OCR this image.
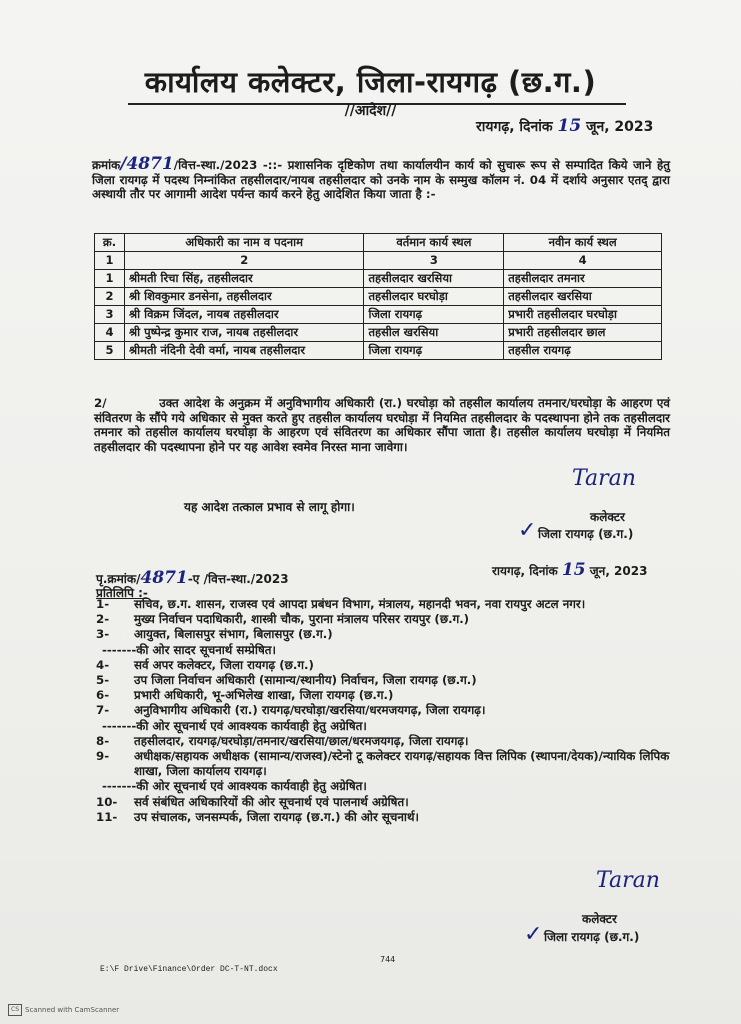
कार्यालय कलेक्टर, जिला-रायगढ़ (छ.ग.)
//आदेश//
रायगढ़, दिनांक 15 जून, 2023
क्रमांक/4871/वित्त-स्था./2023 -::- प्रशासनिक दृष्टिकोण तथा कार्यालयीन कार्य को सुचारू रूप से सम्पादित किये जाने हेतु जिला रायगढ़ में पदस्थ निम्नांकित तहसीलदार/नायब तहसीलदार को उनके नाम के सम्मुख कॉलम नं. 04 में दर्शाये अनुसार एतद् द्वारा अस्थायी तौर पर आगामी आदेश पर्यन्त कार्य करने हेतु आदेशित किया जाता है :-
क्र.	अधिकारी का नाम व पदनाम	वर्तमान कार्य स्थल	नवीन कार्य स्थल
1	2	3	4
1	श्रीमती रिचा सिंह, तहसीलदार	तहसीलदार खरसिया	तहसीलदार तमनार
2	श्री शिवकुमार डनसेना, तहसीलदार	तहसीलदार घरघोड़ा	तहसीलदार खरसिया
3	श्री विक्रम जिंदल, नायब तहसीलदार	जिला रायगढ़	प्रभारी तहसीलदार घरघोड़ा
4	श्री पुष्पेन्द्र कुमार राज, नायब तहसीलदार	तहसील खरसिया	प्रभारी तहसीलदार छाल
5	श्रीमती नंदिनी देवी वर्मा, नायब तहसीलदार	जिला रायगढ़	तहसील रायगढ़
2/	उक्त आदेश के अनुक्रम में अनुविभागीय अधिकारी (रा.) घरघोड़ा को तहसील कार्यालय तमनार/घरघोड़ा के आहरण एवं संवितरण के सौंपे गये अधिकार से मुक्त करते हुए तहसील कार्यालय घरघोड़ा में नियमित तहसीलदार के पदस्थापना होने तक तहसीलदार तमनार को तहसील कार्यालय घरघोड़ा के आहरण एवं संवितरण का अधिकार सौंपा जाता है। तहसील कार्यालय घरघोड़ा में नियमित तहसीलदार की पदस्थापना होने पर यह आवेश स्वमेव निरस्त माना जावेगा।
यह आदेश तत्काल प्रभाव से लागू होगा।
Taran
कलेक्टर
✓ जिला रायगढ़ (छ.ग.)
पृ.क्रमांक/4871-ए /वित्त-स्था./2023
रायगढ़, दिनांक 15 जून, 2023
प्रतिलिपि :-
1-	सचिव, छ.ग. शासन, राजस्व एवं आपदा प्रबंधन विभाग, मंत्रालय, महानदी भवन, नवा रायपुर अटल नगर।
2-	मुख्य निर्वाचन पदाधिकारी, शास्त्री चौक, पुराना मंत्रालय परिसर रायपुर (छ.ग.)
3-	आयुक्त, बिलासपुर संभाग, बिलासपुर (छ.ग.)
-------की ओर सादर सूचनार्थ सम्प्रेषित।
4-	सर्व अपर कलेक्टर, जिला रायगढ़ (छ.ग.)
5-	उप जिला निर्वाचन अधिकारी (सामान्य/स्थानीय) निर्वाचन, जिला रायगढ़ (छ.ग.)
6-	प्रभारी अधिकारी, भू-अभिलेख शाखा, जिला रायगढ़ (छ.ग.)
7-	अनुविभागीय अधिकारी (रा.) रायगढ़/घरघोड़ा/खरसिया/धरमजयगढ़, जिला रायगढ़।
-------की ओर सूचनार्थ एवं आवश्यक कार्यवाही हेतु अग्रेषित।
8-	तहसीलदार, रायगढ़/घरघोड़ा/तमनार/खरसिया/छाल/धरमजयगढ़, जिला रायगढ़।
9-	अधीक्षक/सहायक अधीक्षक (सामान्य/राजस्व)/स्टेनो टू कलेक्टर रायगढ़/सहायक वित्त लिपिक (स्थापना/देयक)/न्यायिक लिपिक शाखा, जिला कार्यालय रायगढ़।
-------की ओर सूचनार्थ एवं आवश्यक कार्यवाही हेतु अग्रेषित।
10-	सर्व संबंधित अधिकारियों की ओर सूचनार्थ एवं पालनार्थ अग्रेषित।
11-	उप संचालक, जनसम्पर्क, जिला रायगढ़ (छ.ग.) की ओर सूचनार्थ।
Taran
कलेक्टर
✓ जिला रायगढ़ (छ.ग.)
744
E:\F Drive\Finance\Order DC-T-NT.docx
CS Scanned with CamScanner
